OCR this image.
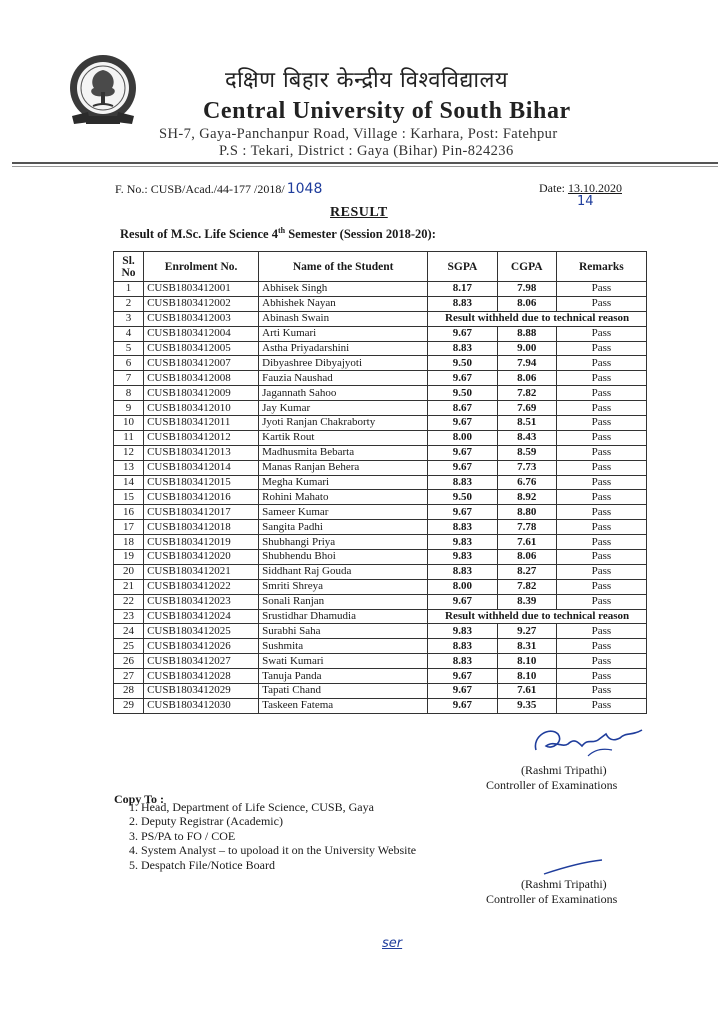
दक्षिण बिहार केन्द्रीय विश्वविद्यालय
Central University of South Bihar
SH-7, Gaya-Panchanpur Road, Village : Karhara, Post: Fatehpur
P.S : Tekari, District : Gaya (Bihar) Pin-824236
F. No.: CUSB/Acad./44-177 /2018/ 1048	Date: 13.10.2020
14
RESULT
Result of M.Sc. Life Science 4th Semester (Session 2018-20):
Sl. No	Enrolment No.	Name of the Student	SGPA	CGPA	Remarks
1	CUSB1803412001	Abhisek Singh	8.17	7.98	Pass
2	CUSB1803412002	Abhishek Nayan	8.83	8.06	Pass
3	CUSB1803412003	Abinash Swain	Result withheld due to technical reason		
4	CUSB1803412004	Arti Kumari	9.67	8.88	Pass
5	CUSB1803412005	Astha Priyadarshini	8.83	9.00	Pass
6	CUSB1803412007	Dibyashree Dibyajyoti	9.50	7.94	Pass
7	CUSB1803412008	Fauzia Naushad	9.67	8.06	Pass
8	CUSB1803412009	Jagannath Sahoo	9.50	7.82	Pass
9	CUSB1803412010	Jay Kumar	8.67	7.69	Pass
10	CUSB1803412011	Jyoti Ranjan Chakraborty	9.67	8.51	Pass
11	CUSB1803412012	Kartik Rout	8.00	8.43	Pass
12	CUSB1803412013	Madhusmita Bebarta	9.67	8.59	Pass
13	CUSB1803412014	Manas Ranjan Behera	9.67	7.73	Pass
14	CUSB1803412015	Megha Kumari	8.83	6.76	Pass
15	CUSB1803412016	Rohini Mahato	9.50	8.92	Pass
16	CUSB1803412017	Sameer Kumar	9.67	8.80	Pass
17	CUSB1803412018	Sangita Padhi	8.83	7.78	Pass
18	CUSB1803412019	Shubhangi Priya	9.83	7.61	Pass
19	CUSB1803412020	Shubhendu Bhoi	9.83	8.06	Pass
20	CUSB1803412021	Siddhant Raj Gouda	8.83	8.27	Pass
21	CUSB1803412022	Smriti Shreya	8.00	7.82	Pass
22	CUSB1803412023	Sonali Ranjan	9.67	8.39	Pass
23	CUSB1803412024	Srustidhar Dhamudia	Result withheld due to technical reason		
24	CUSB1803412025	Surabhi Saha	9.83	9.27	Pass
25	CUSB1803412026	Sushmita	8.83	8.31	Pass
26	CUSB1803412027	Swati Kumari	8.83	8.10	Pass
27	CUSB1803412028	Tanuja Panda	9.67	8.10	Pass
28	CUSB1803412029	Tapati Chand	9.67	7.61	Pass
29	CUSB1803412030	Taskeen Fatema	9.67	9.35	Pass
(Rashmi Tripathi)
Controller of Examinations
Copy To :
1. Head, Department of Life Science, CUSB, Gaya
2. Deputy Registrar (Academic)
3. PS/PA to FO / COE
4. System Analyst – to upoload it on the University Website
5. Despatch File/Notice Board
(Rashmi Tripathi)
Controller of Examinations
ser
